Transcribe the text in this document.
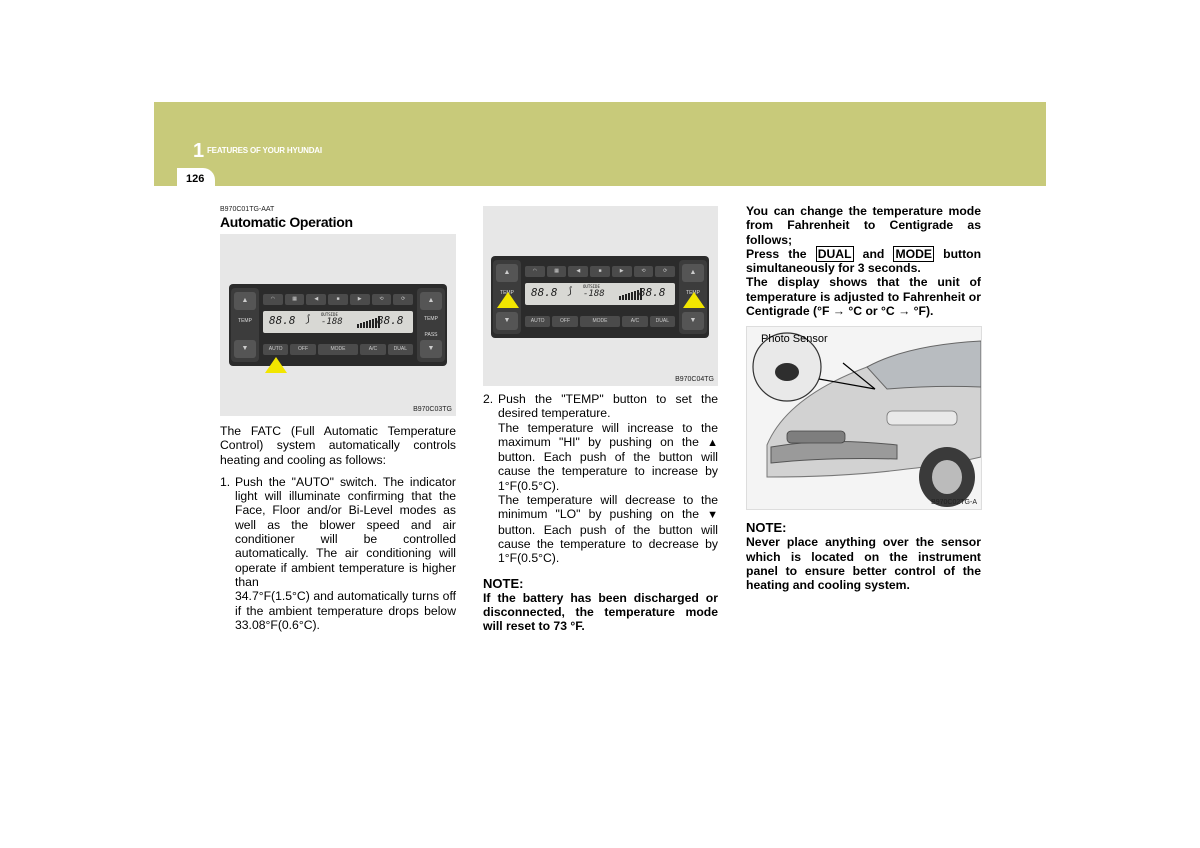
1 FEATURES OF YOUR HYUNDAI
126
B970C01TG-AAT
Automatic Operation
▲
TEMP
▼
▲
TEMP
PASS
▼
◠	▦	◀	■	▶	⟲	⟳
88.8 ⟆ OUTSIDE
-188	88.8
AUTO	OFF	MODE	A/C	DUAL
B970C03TG

The FATC (Full Automatic Temperature Control) system automatically controls heating and cooling as follows:

1. Push the "AUTO" switch. The indicator light will illuminate confirming that the Face, Floor and/or Bi-Level modes as well as the blower speed and air conditioner will be controlled automatically. The air conditioning will operate if ambient temperature is higher than

34.7°F(1.5°C) and automatically turns off if the ambient temperature drops below 33.08°F(0.6°C).

▲
TEMP
▼
▲
TEMP
▼
◠	▦	◀	■	▶	⟲	⟳
88.8 ⟆ OUTSIDE
-188	88.8
AUTO	OFF	MODE	A/C	DUAL
B970C04TG
2. Push the "TEMP" button to set the desired temperature.

The temperature will increase to the maximum "HI" by pushing on the ▲ button. Each push of the button will cause the temperature to increase by 1°F(0.5°C).

The temperature will decrease to the minimum "LO" by pushing on the ▼ button. Each push of the button will cause the temperature to decrease by 1°F(0.5°C).

NOTE:

If the battery has been discharged or disconnected, the temperature mode will reset to 73 °F.

You can change the temperature mode from Fahrenheit to Centigrade as follows;

Press the DUAL and MODE button simultaneously for 3 seconds.

The display shows that the unit of temperature is adjusted to Fahrenheit or Centigrade (°F → °C or °C → °F).

Photo Sensor
B970C02TG-A
NOTE:

Never place anything over the sensor which is located on the instrument panel to ensure better control of the heating and cooling system.
